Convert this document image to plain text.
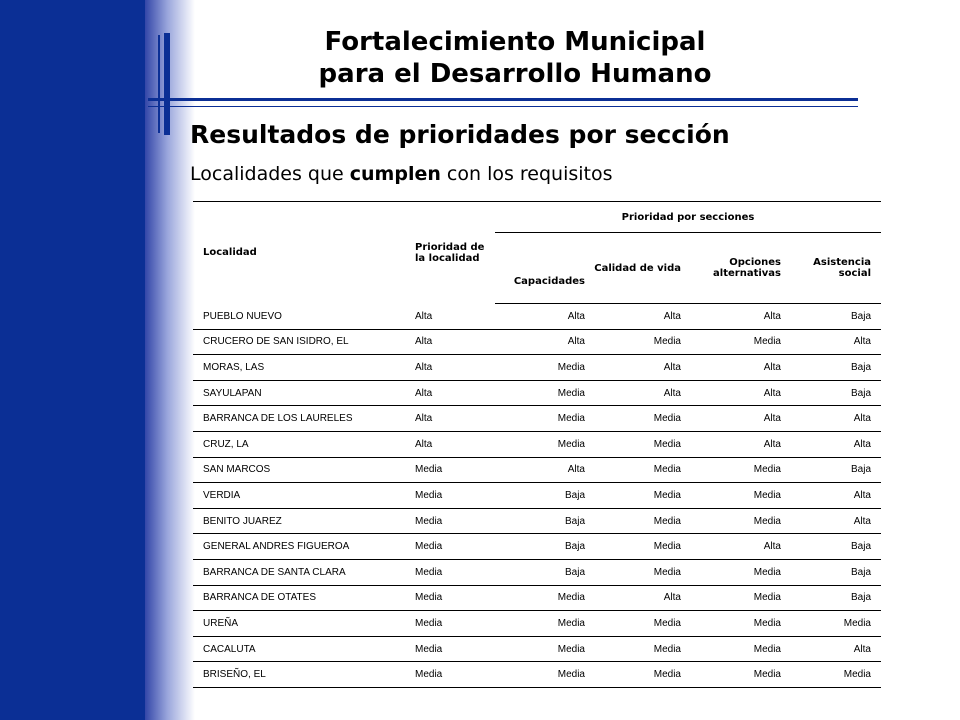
Fortalecimiento Municipal
para el Desarrollo Humano
Resultados de prioridades por sección
Localidades que cumplen con los requisitos
Localidad	Prioridad de la localidad	Prioridad por secciones			
		Capacidades	Calidad de vida	Opciones alternativas	Asistencia social
PUEBLO NUEVO	Alta	Alta	Alta	Alta	Baja
CRUCERO DE SAN ISIDRO, EL	Alta	Alta	Media	Media	Alta
MORAS, LAS	Alta	Media	Alta	Alta	Baja
SAYULAPAN	Alta	Media	Alta	Alta	Baja
BARRANCA DE LOS LAURELES	Alta	Media	Media	Alta	Alta
CRUZ, LA	Alta	Media	Media	Alta	Alta
SAN MARCOS	Media	Alta	Media	Media	Baja
VERDIA	Media	Baja	Media	Media	Alta
BENITO JUAREZ	Media	Baja	Media	Media	Alta
GENERAL ANDRES FIGUEROA	Media	Baja	Media	Alta	Baja
BARRANCA DE SANTA CLARA	Media	Baja	Media	Media	Baja
BARRANCA DE OTATES	Media	Media	Alta	Media	Baja
UREÑA	Media	Media	Media	Media	Media
CACALUTA	Media	Media	Media	Media	Alta
BRISEÑO, EL	Media	Media	Media	Media	Media
